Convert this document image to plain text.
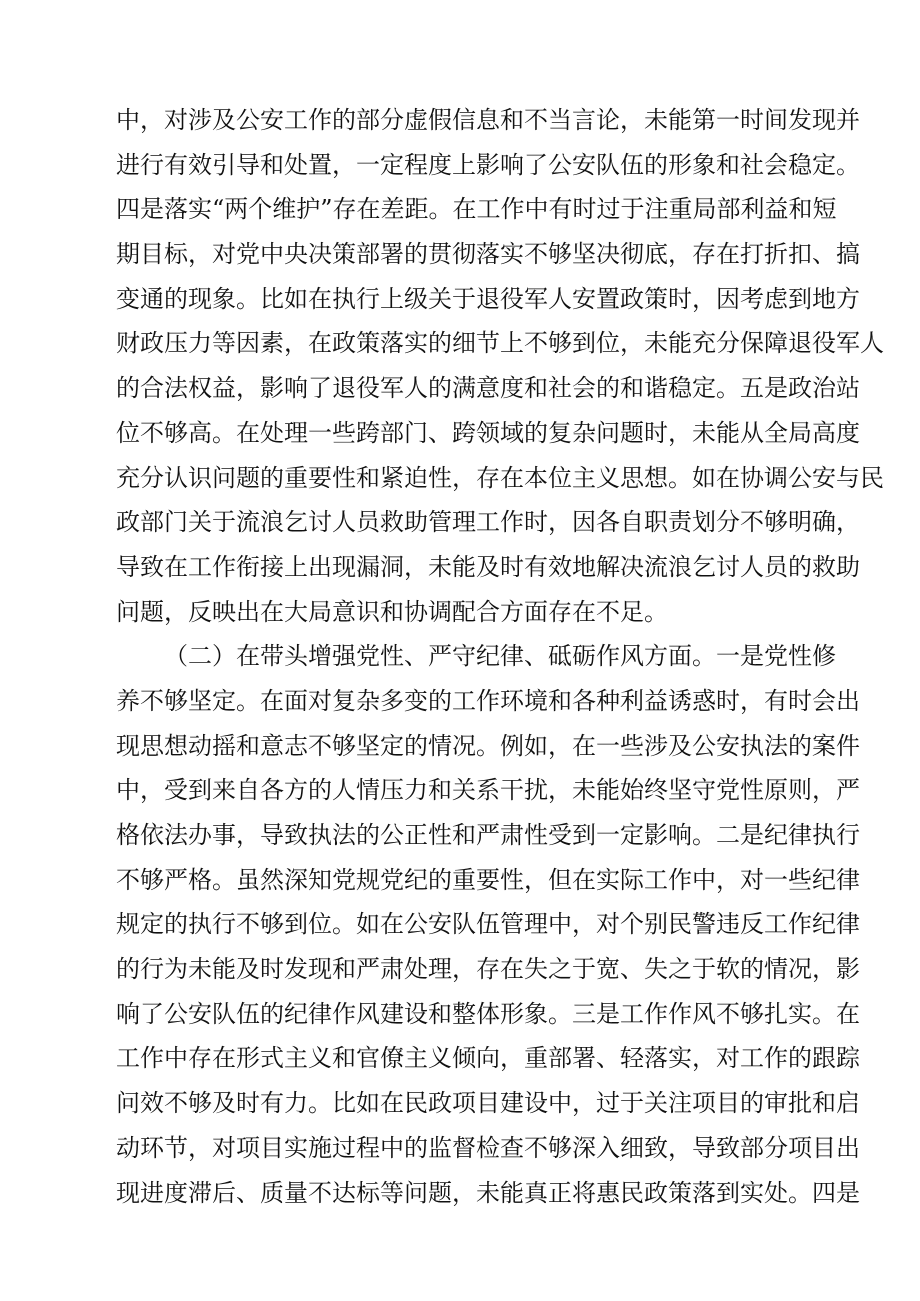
中，对涉及公安工作的部分虚假信息和不当言论，未能第一时间发现并
进行有效引导和处置，一定程度上影响了公安队伍的形象和社会稳定。
四是落实“两个维护”存在差距。在工作中有时过于注重局部利益和短
期目标，对党中央决策部署的贯彻落实不够坚决彻底，存在打折扣、搞
变通的现象。比如在执行上级关于退役军人安置政策时，因考虑到地方
财政压力等因素，在政策落实的细节上不够到位，未能充分保障退役军人
的合法权益，影响了退役军人的满意度和社会的和谐稳定。五是政治站
位不够高。在处理一些跨部门、跨领域的复杂问题时，未能从全局高度
充分认识问题的重要性和紧迫性，存在本位主义思想。如在协调公安与民
政部门关于流浪乞讨人员救助管理工作时，因各自职责划分不够明确，
导致在工作衔接上出现漏洞，未能及时有效地解决流浪乞讨人员的救助
问题，反映出在大局意识和协调配合方面存在不足。
（二）在带头增强党性、严守纪律、砥砺作风方面。一是党性修
养不够坚定。在面对复杂多变的工作环境和各种利益诱惑时，有时会出
现思想动摇和意志不够坚定的情况。例如，在一些涉及公安执法的案件
中，受到来自各方的人情压力和关系干扰，未能始终坚守党性原则，严
格依法办事，导致执法的公正性和严肃性受到一定影响。二是纪律执行
不够严格。虽然深知党规党纪的重要性，但在实际工作中，对一些纪律
规定的执行不够到位。如在公安队伍管理中，对个别民警违反工作纪律
的行为未能及时发现和严肃处理，存在失之于宽、失之于软的情况，影
响了公安队伍的纪律作风建设和整体形象。三是工作作风不够扎实。在
工作中存在形式主义和官僚主义倾向，重部署、轻落实，对工作的跟踪
问效不够及时有力。比如在民政项目建设中，过于关注项目的审批和启
动环节，对项目实施过程中的监督检查不够深入细致，导致部分项目出
现进度滞后、质量不达标等问题，未能真正将惠民政策落到实处。四是
